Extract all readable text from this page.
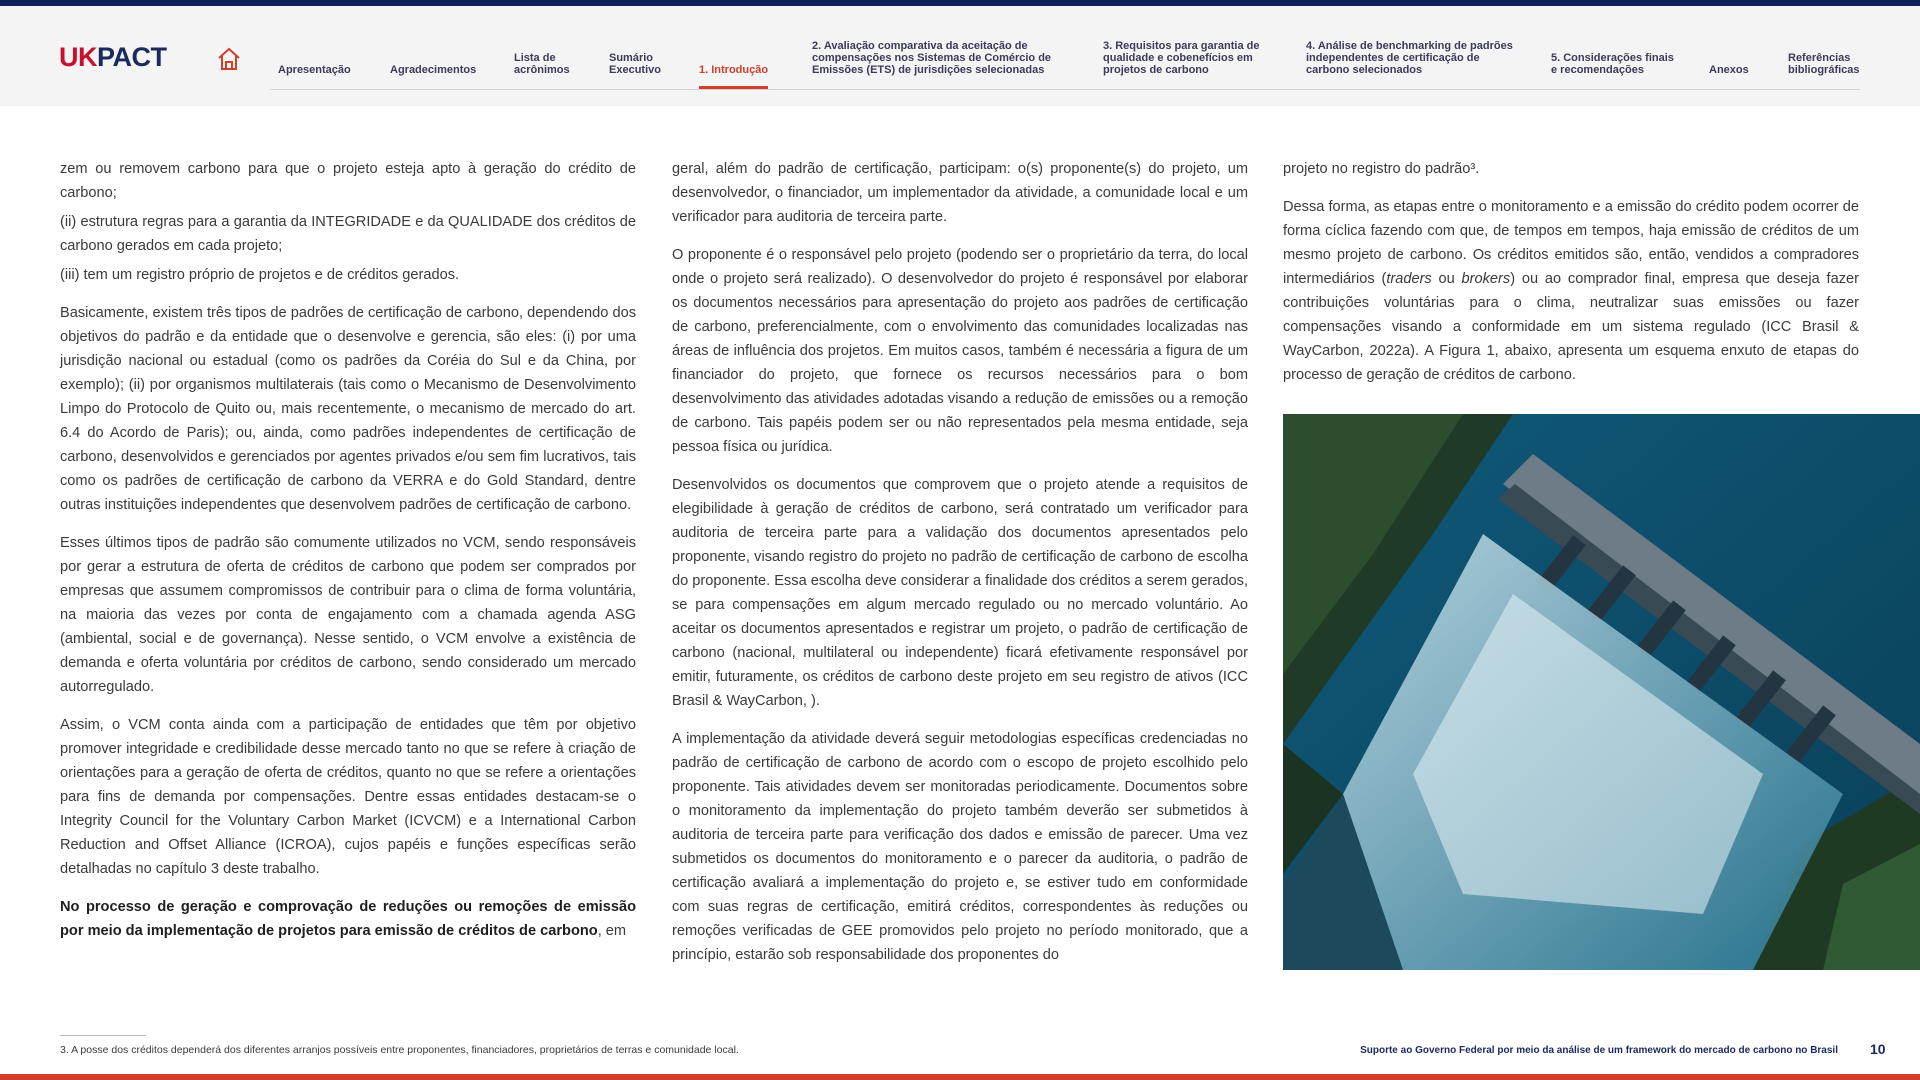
UKPACT	Apresentação	Agradecimentos
Lista de
acrônimos
Sumário
Executivo	1. Introdução
2. Avaliação comparativa da aceitação de
compensações nos Sistemas de Comércio de
Emissões (ETS) de jurisdições selecionadas
3. Requisitos para garantia de
qualidade e cobenefícios em
projetos de carbono
4. Análise de benchmarking de padrões
independentes de certificação de
carbono selecionados
5. Considerações finais
e recomendações	Anexos
Referências
bibliográficas

zem ou removem carbono para que o projeto esteja apto à geração do crédito de carbono;

(ii) estrutura regras para a garantia da INTEGRIDADE e da QUALIDADE dos créditos de carbono gerados em cada projeto;

(iii) tem um registro próprio de projetos e de créditos gerados.

Basicamente, existem três tipos de padrões de certificação de carbono, dependendo dos objetivos do padrão e da entidade que o desenvolve e gerencia, são eles: (i) por uma jurisdição nacional ou estadual (como os padrões da Coréia do Sul e da China, por exemplo); (ii) por organismos multilaterais (tais como o Mecanismo de Desenvolvimento Limpo do Protocolo de Quito ou, mais recentemente, o mecanismo de mercado do art. 6.4 do Acordo de Paris); ou, ainda, como padrões independentes de certificação de carbono, desenvolvidos e gerenciados por agentes privados e/ou sem fim lucrativos, tais como os padrões de certificação de carbono da VERRA e do Gold Standard, dentre outras instituições independentes que desenvolvem padrões de certificação de carbono.

Esses últimos tipos de padrão são comumente utilizados no VCM, sendo responsáveis por gerar a estrutura de oferta de créditos de carbono que podem ser comprados por empresas que assumem compromissos de contribuir para o clima de forma voluntária, na maioria das vezes por conta de engajamento com a chamada agenda ASG (ambiental, social e de governança). Nesse sentido, o VCM envolve a existência de demanda e oferta voluntária por créditos de carbono, sendo considerado um mercado autorregulado.

Assim, o VCM conta ainda com a participação de entidades que têm por objetivo promover integridade e credibilidade desse mercado tanto no que se refere à criação de orientações para a geração de oferta de créditos, quanto no que se refere a orientações para fins de demanda por compensações. Dentre essas entidades destacam-se o Integrity Council for the Voluntary Carbon Market (ICVCM) e a International Carbon Reduction and Offset Alliance (ICROA), cujos papéis e funções específicas serão detalhadas no capítulo 3 deste trabalho.

No processo de geração e comprovação de reduções ou remoções de emissão por meio da implementação de projetos para emissão de créditos de carbono, em

geral, além do padrão de certificação, participam: o(s) proponente(s) do projeto, um desenvolvedor, o financiador, um implementador da atividade, a comunidade local e um verificador para auditoria de terceira parte.

O proponente é o responsável pelo projeto (podendo ser o proprietário da terra, do local onde o projeto será realizado). O desenvolvedor do projeto é responsável por elaborar os documentos necessários para apresentação do projeto aos padrões de certificação de carbono, preferencialmente, com o envolvimento das comunidades localizadas nas áreas de influência dos projetos. Em muitos casos, também é necessária a figura de um financiador do projeto, que fornece os recursos necessários para o bom desenvolvimento das atividades adotadas visando a redução de emissões ou a remoção de carbono. Tais papéis podem ser ou não representados pela mesma entidade, seja pessoa física ou jurídica.

Desenvolvidos os documentos que comprovem que o projeto atende a requisitos de elegibilidade à geração de créditos de carbono, será contratado um verificador para auditoria de terceira parte para a validação dos documentos apresentados pelo proponente, visando registro do projeto no padrão de certificação de carbono de escolha do proponente. Essa escolha deve considerar a finalidade dos créditos a serem gerados, se para compensações em algum mercado regulado ou no mercado voluntário. Ao aceitar os documentos apresentados e registrar um projeto, o padrão de certificação de carbono (nacional, multilateral ou independente) ficará efetivamente responsável por emitir, futuramente, os créditos de carbono deste projeto em seu registro de ativos (ICC Brasil & WayCarbon, ).

A implementação da atividade deverá seguir metodologias específicas credenciadas no padrão de certificação de carbono de acordo com o escopo de projeto escolhido pelo proponente. Tais atividades devem ser monitoradas periodicamente. Documentos sobre o monitoramento da implementação do projeto também deverão ser submetidos à auditoria de terceira parte para verificação dos dados e emissão de parecer. Uma vez submetidos os documentos do monitoramento e o parecer da auditoria, o padrão de certificação avaliará a implementação do projeto e, se estiver tudo em conformidade com suas regras de certificação, emitirá créditos, correspondentes às reduções ou remoções verificadas de GEE promovidos pelo projeto no período monitorado, que a princípio, estarão sob responsabilidade dos proponentes do

projeto no registro do padrão³.

Dessa forma, as etapas entre o monitoramento e a emissão do crédito podem ocorrer de forma cíclica fazendo com que, de tempos em tempos, haja emissão de créditos de um mesmo projeto de carbono. Os créditos emitidos são, então, vendidos a compradores intermediários (traders ou brokers) ou ao comprador final, empresa que deseja fazer contribuições voluntárias para o clima, neutralizar suas emissões ou fazer compensações visando a conformidade em um sistema regulado (ICC Brasil & WayCarbon, 2022a). A Figura 1, abaixo, apresenta um esquema enxuto de etapas do processo de geração de créditos de carbono.

3. A posse dos créditos dependerá dos diferentes arranjos possíveis entre proponentes, financiadores, proprietários de terras e comunidade local.	Suporte ao Governo Federal por meio da análise de um framework do mercado de carbono no Brasil 10
